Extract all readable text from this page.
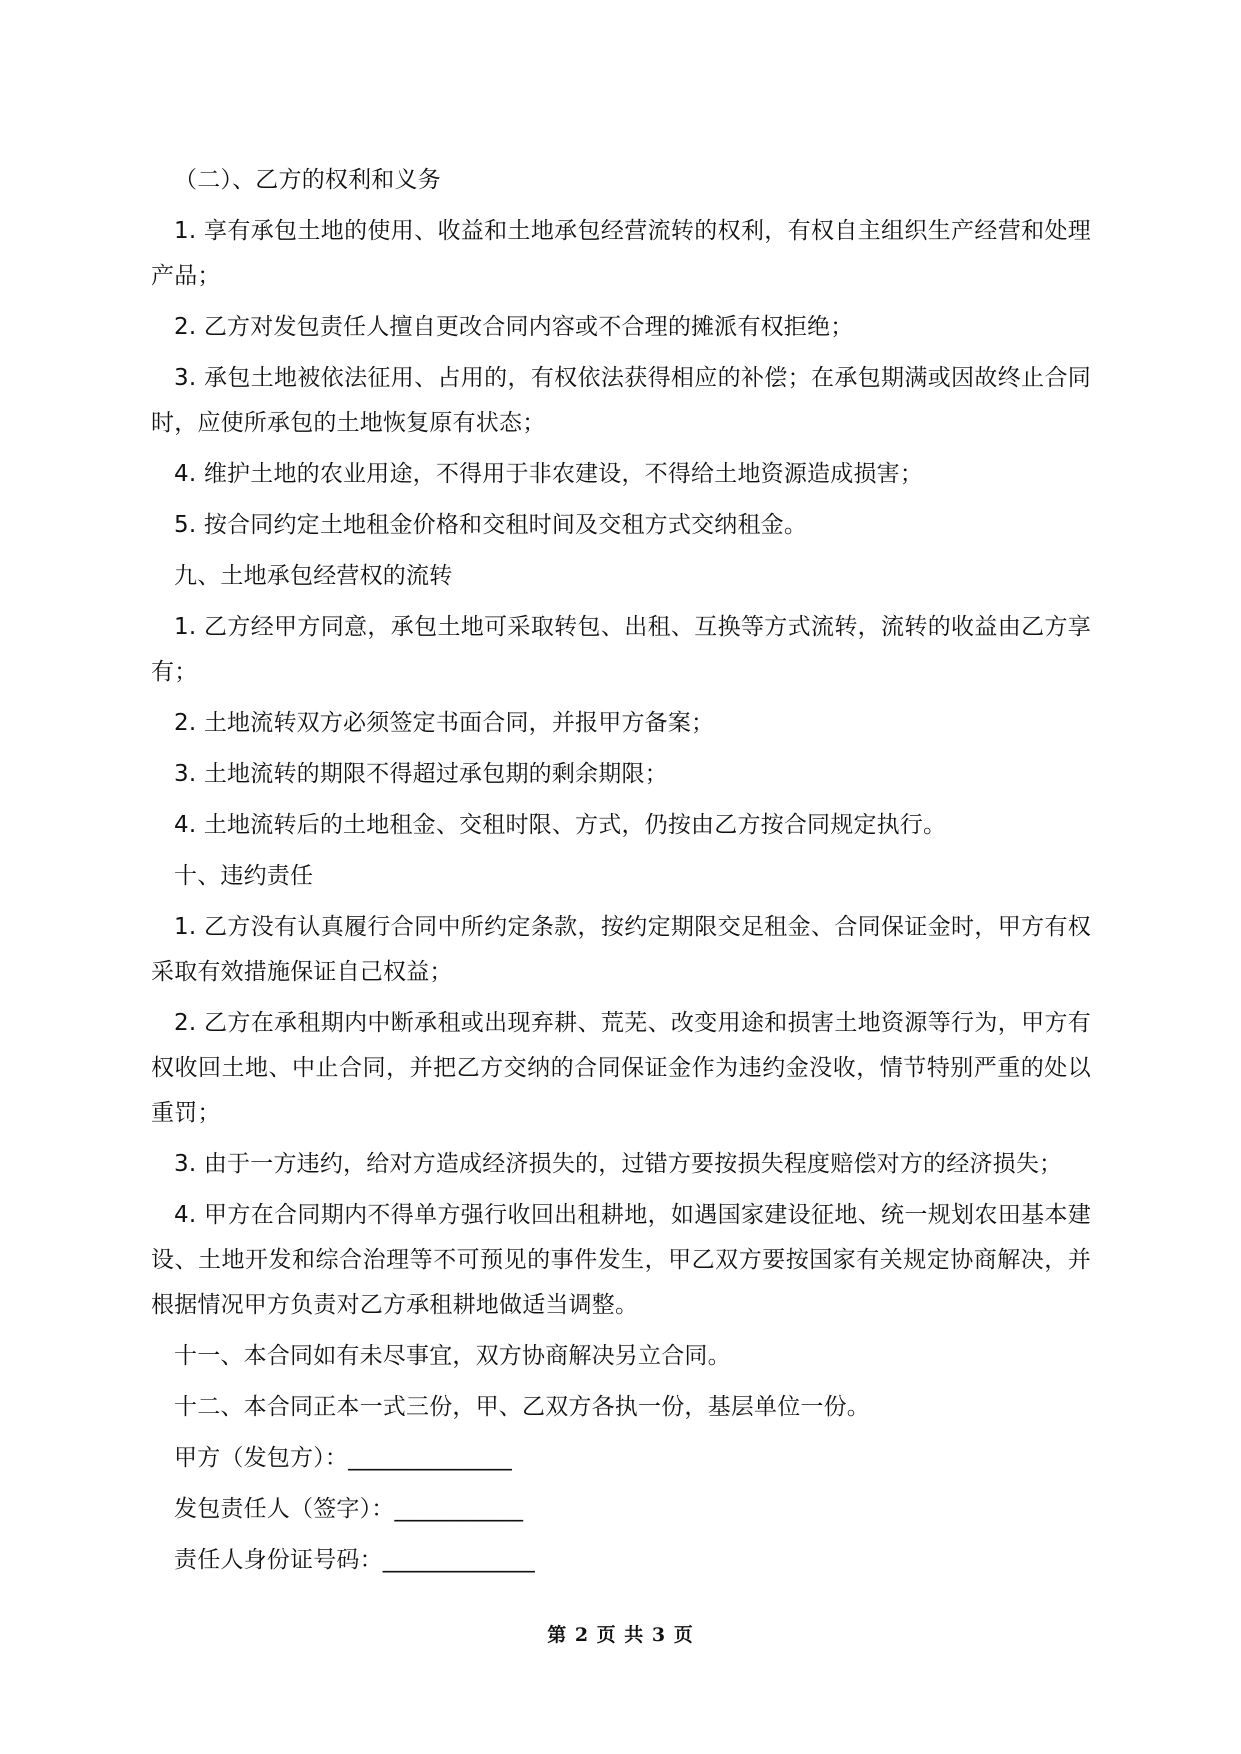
（二）、乙方的权利和义务

1. 享有承包土地的使用、收益和土地承包经营流转的权利，有权自主组织生产经营和处理产品；

2. 乙方对发包责任人擅自更改合同内容或不合理的摊派有权拒绝；

3. 承包土地被依法征用、占用的，有权依法获得相应的补偿；在承包期满或因故终止合同时，应使所承包的土地恢复原有状态；

4. 维护土地的农业用途，不得用于非农建设，不得给土地资源造成损害；

5. 按合同约定土地租金价格和交租时间及交租方式交纳租金。

九、土地承包经营权的流转

1. 乙方经甲方同意，承包土地可采取转包、出租、互换等方式流转，流转的收益由乙方享有；

2. 土地流转双方必须签定书面合同，并报甲方备案；

3. 土地流转的期限不得超过承包期的剩余期限；

4. 土地流转后的土地租金、交租时限、方式，仍按由乙方按合同规定执行。

十、违约责任

1. 乙方没有认真履行合同中所约定条款，按约定期限交足租金、合同保证金时，甲方有权采取有效措施保证自己权益；

2. 乙方在承租期内中断承租或出现弃耕、荒芜、改变用途和损害土地资源等行为，甲方有权收回土地、中止合同，并把乙方交纳的合同保证金作为违约金没收，情节特别严重的处以重罚；

3. 由于一方违约，给对方造成经济损失的，过错方要按损失程度赔偿对方的经济损失；

4. 甲方在合同期内不得单方强行收回出租耕地，如遇国家建设征地、统一规划农田基本建设、土地开发和综合治理等不可预见的事件发生，甲乙双方要按国家有关规定协商解决，并根据情况甲方负责对乙方承租耕地做适当调整。

十一、本合同如有未尽事宜，双方协商解决另立合同。

十二、本合同正本一式三份，甲、乙双方各执一份，基层单位一份。

甲方（发包方）：______________

发包责任人（签字）：___________

责任人身份证号码：_____________

第 2 页 共 3 页
